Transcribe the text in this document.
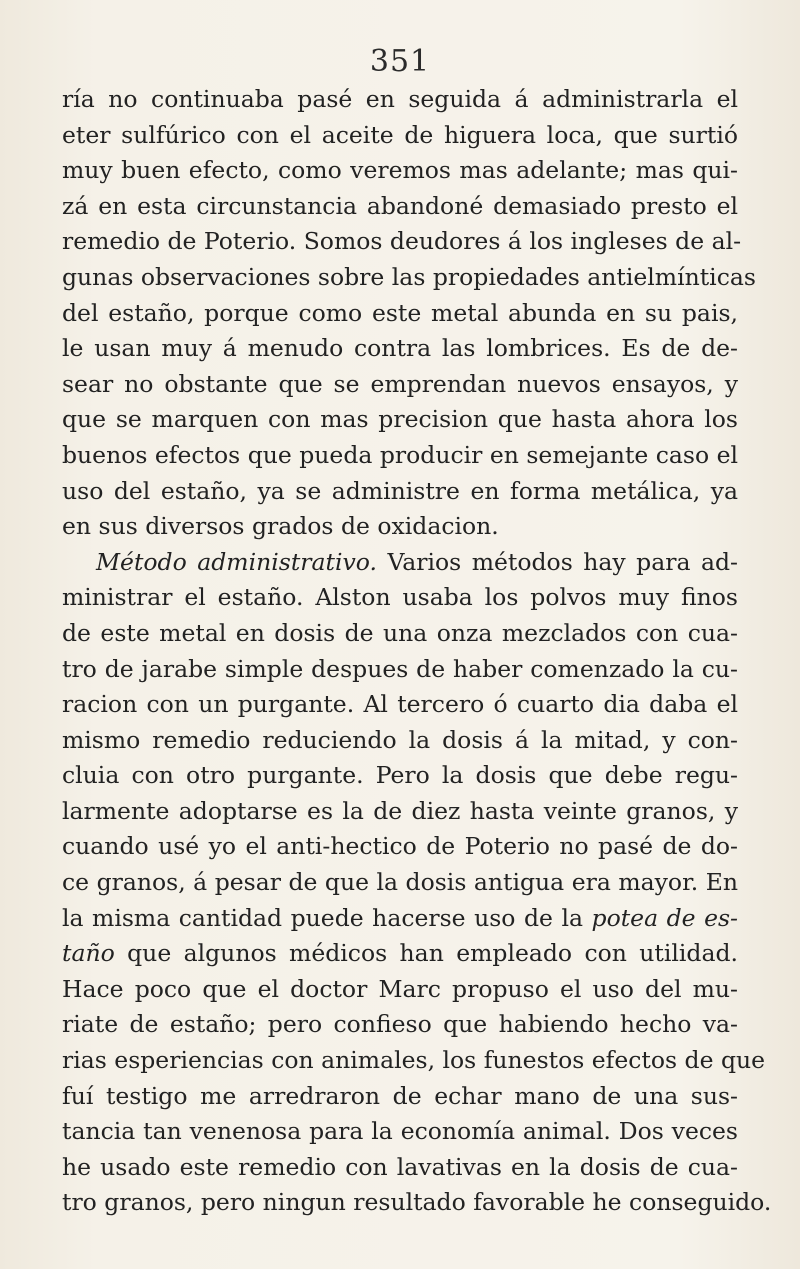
351
ría no continuaba pasé en seguida á administrarla el
eter sulfúrico con el aceite de higuera loca, que surtió
muy buen efecto, como veremos mas adelante; mas qui-
zá en esta circunstancia abandoné demasiado presto el
remedio de Poterio. Somos deudores á los ingleses de al-
gunas observaciones sobre las propiedades antielmínticas
del estaño, porque como este metal abunda en su pais,
le usan muy á menudo contra las lombrices. Es de de-
sear no obstante que se emprendan nuevos ensayos, y
que se marquen con mas precision que hasta ahora los
buenos efectos que pueda producir en semejante caso el
uso del estaño, ya se administre en forma metálica, ya
en sus diversos grados de oxidacion.
Método administrativo. Varios métodos hay para ad-
ministrar el estaño. Alston usaba los polvos muy finos
de este metal en dosis de una onza mezclados con cua-
tro de jarabe simple despues de haber comenzado la cu-
racion con un purgante. Al tercero ó cuarto dia daba el
mismo remedio reduciendo la dosis á la mitad, y con-
cluia con otro purgante. Pero la dosis que debe regu-
larmente adoptarse es la de diez hasta veinte granos, y
cuando usé yo el anti-hectico de Poterio no pasé de do-
ce granos, á pesar de que la dosis antigua era mayor. En
la misma cantidad puede hacerse uso de la potea de es-
taño que algunos médicos han empleado con utilidad.
Hace poco que el doctor Marc propuso el uso del mu-
riate de estaño; pero confieso que habiendo hecho va-
rias esperiencias con animales, los funestos efectos de que
fuí testigo me arredraron de echar mano de una sus-
tancia tan venenosa para la economía animal. Dos veces
he usado este remedio con lavativas en la dosis de cua-
tro granos, pero ningun resultado favorable he conseguido.
